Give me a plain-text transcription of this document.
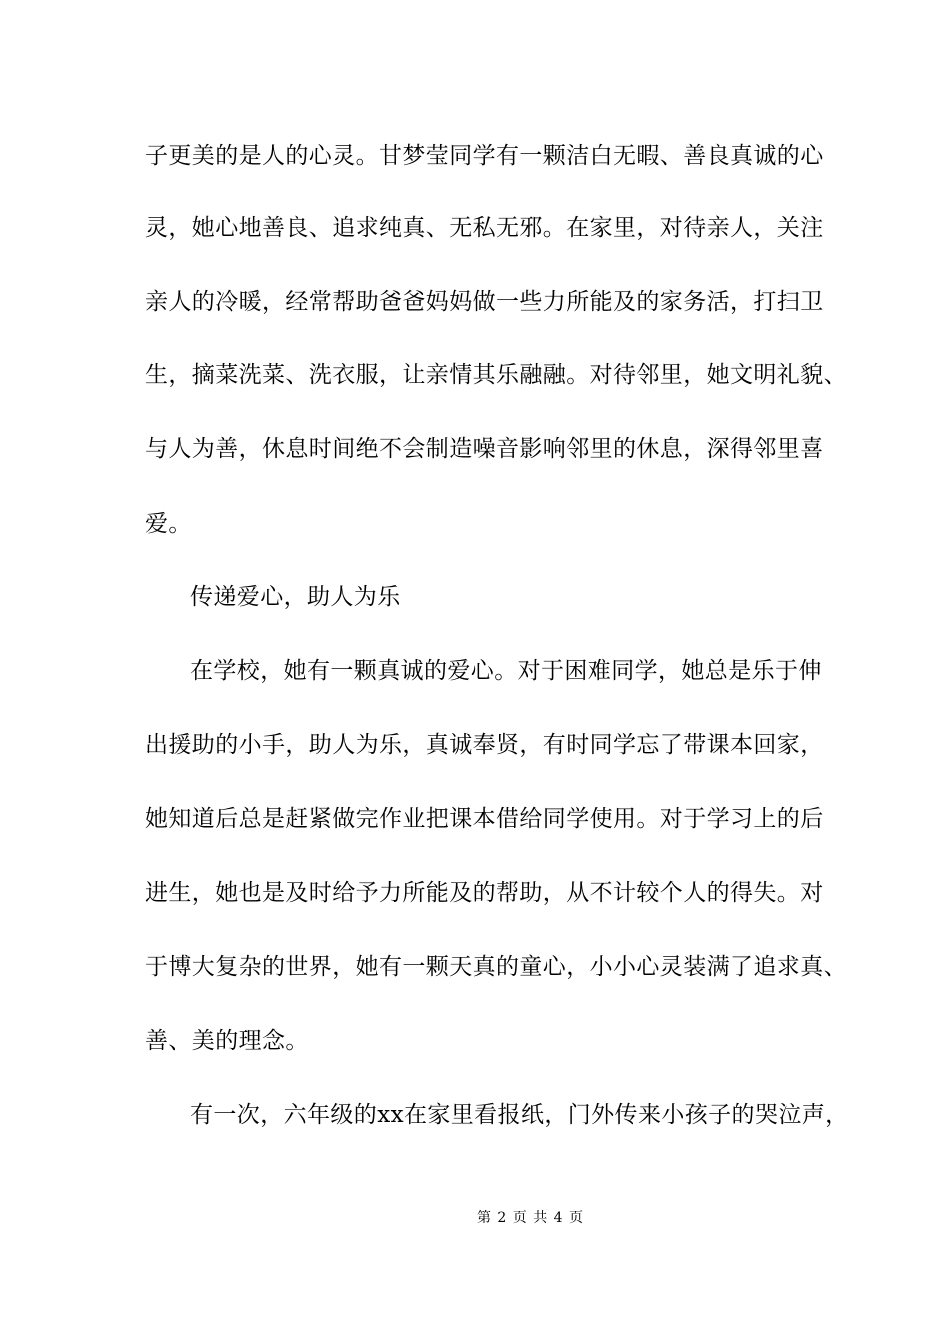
子更美的是人的心灵。甘梦莹同学有一颗洁白无暇、善良真诚的心
灵，她心地善良、追求纯真、无私无邪。在家里，对待亲人，关注
亲人的冷暖，经常帮助爸爸妈妈做一些力所能及的家务活，打扫卫
生，摘菜洗菜、洗衣服，让亲情其乐融融。对待邻里，她文明礼貌、
与人为善，休息时间绝不会制造噪音影响邻里的休息，深得邻里喜
爱。
传递爱心，助人为乐
在学校，她有一颗真诚的爱心。对于困难同学，她总是乐于伸
出援助的小手，助人为乐，真诚奉贤，有时同学忘了带课本回家，
她知道后总是赶紧做完作业把课本借给同学使用。对于学习上的后
进生，她也是及时给予力所能及的帮助，从不计较个人的得失。对
于博大复杂的世界，她有一颗天真的童心，小小心灵装满了追求真、
善、美的理念。
有一次，六年级的xx在家里看报纸，门外传来小孩子的哭泣声，
第 2 页 共 4 页
